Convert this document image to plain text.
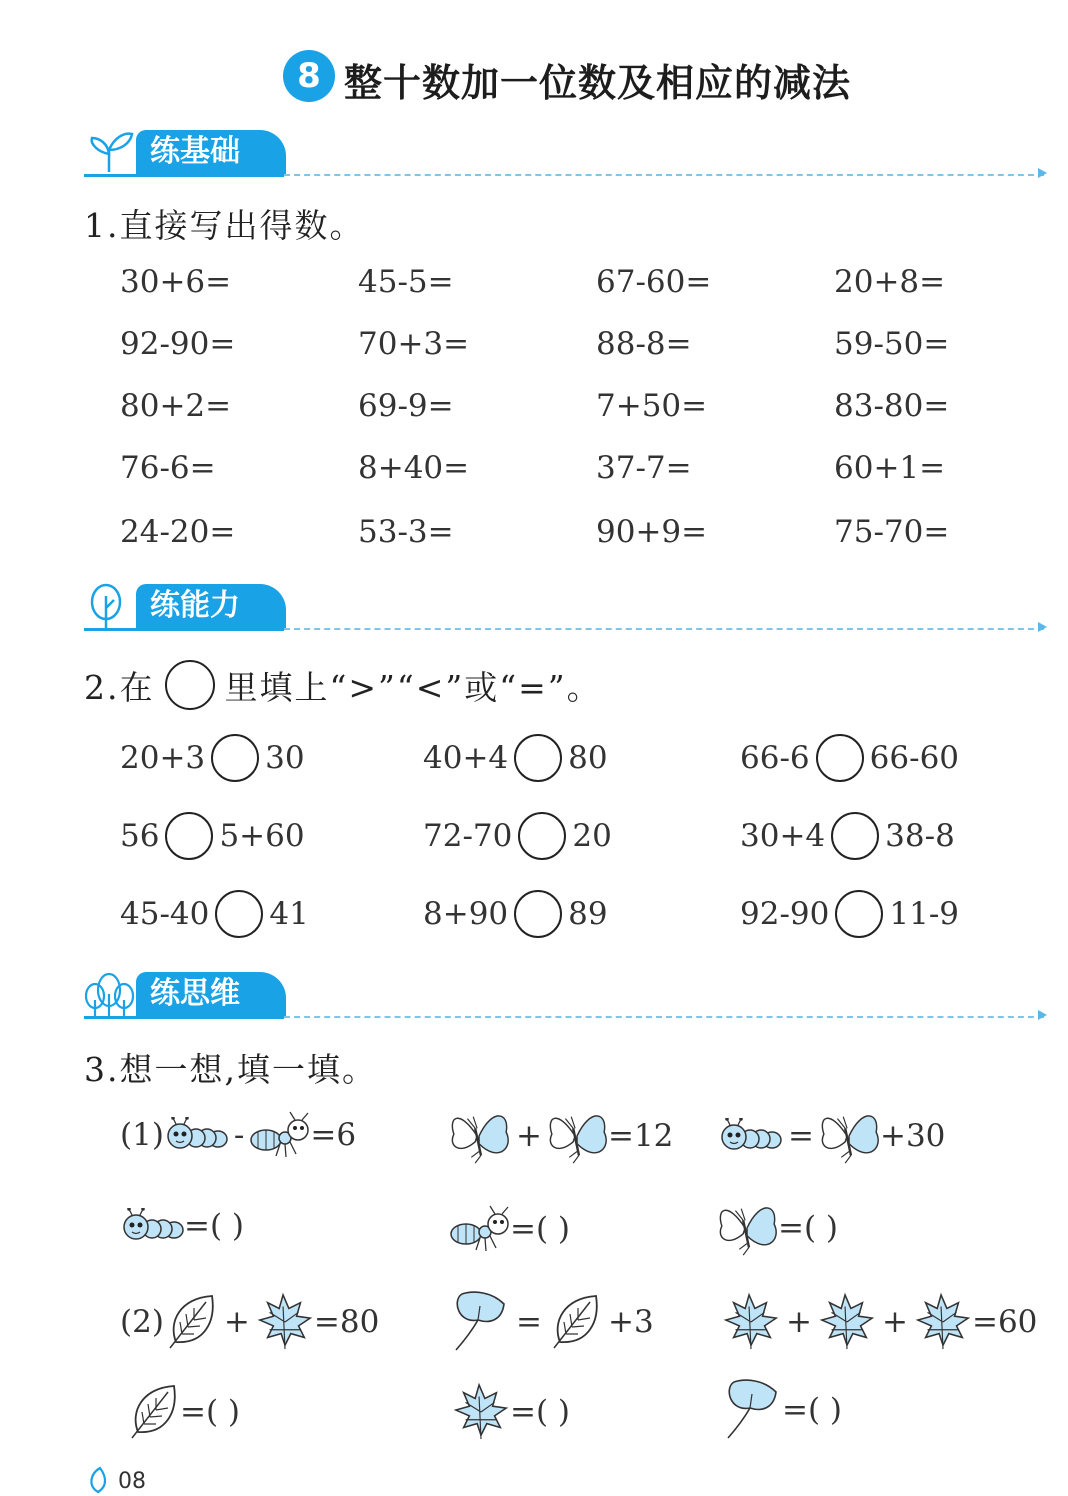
8 整十数加一位数及相应的减法
练基础
1.直接写出得数。
30+6=	45-5=	67-60=	20+8=
92-90=	70+3=	88-8=	59-50=
80+2=	69-9=	7+50=	83-80=
76-6=	8+40=	37-7=	60+1=
24-20=	53-3=	90+9=	75-70=
练能力
2.在 里填上“>”“<”或“=”。
20+3 30	40+4 80	66-6 66-60
56 5+60	72-70 20	30+4 38-8
45-40 41	8+90 89	92-90 11-9
练思维
3.想一想,填一填。
(1) - =6	+ =12	= +30
=( )	=( )	=( )
(2) + =80	= +3	+ + =60
=( )	=( )	=( )
08
